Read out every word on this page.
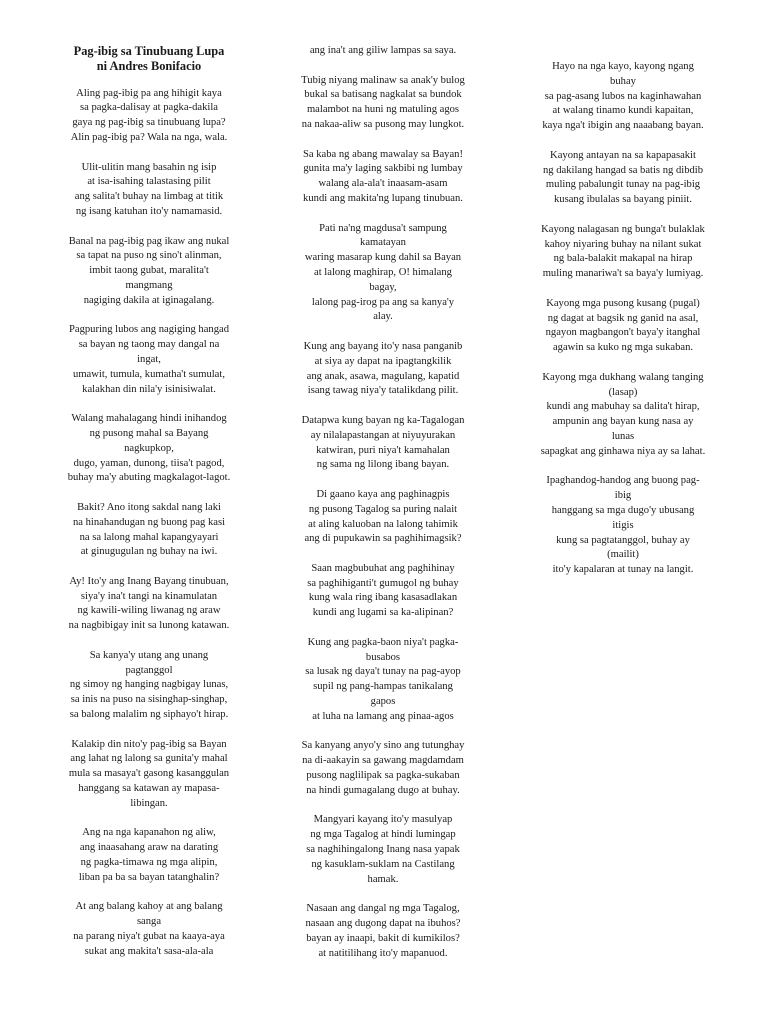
Pag-ibig sa Tinubuang Lupa
ni Andres Bonifacio
Aling pag-ibig pa ang hihigit kaya
sa pagka-dalisay at pagka-dakila
gaya ng pag-ibig sa tinubuang lupa?
Alin pag-ibig pa? Wala na nga, wala.
Ulit-ulitin mang basahin ng isip
at isa-isahing talastasing pilit
ang salita't buhay na limbag at titik
ng isang katuhan ito'y namamasid.
Banal na pag-ibig pag ikaw ang nukal
sa tapat na puso ng sino't alinman,
imbit taong gubat, maralita't
mangmang
nagiging dakila at iginagalang.
Pagpuring lubos ang nagiging hangad
sa bayan ng taong may dangal na
ingat,
umawit, tumula, kumatha't sumulat,
kalakhan din nila'y isinisiwalat.
Walang mahalagang hindi inihandog
ng pusong mahal sa Bayang
nagkupkop,
dugo, yaman, dunong, tiisa't pagod,
buhay ma'y abuting magkalagot-lagot.
Bakit? Ano itong sakdal nang laki
na hinahandugan ng buong pag kasi
na sa lalong mahal kapangyayari
at ginugugulan ng buhay na iwi.
Ay! Ito'y ang Inang Bayang tinubuan,
siya'y ina't tangi na kinamulatan
ng kawili-wiling liwanag ng araw
na nagbibigay init sa lunong katawan.
Sa kanya'y utang ang unang
pagtanggol
ng simoy ng hanging nagbigay lunas,
sa inis na puso na sisinghap-singhap,
sa balong malalim ng siphayo't hirap.
Kalakip din nito'y pag-ibig sa Bayan
ang lahat ng lalong sa gunita'y mahal
mula sa masaya't gasong kasanggulan
hanggang sa katawan ay mapasa-
libingan.
Ang na nga kapanahon ng aliw,
ang inaasahang araw na darating
ng pagka-timawa ng mga alipin,
liban pa ba sa bayan tatanghalin?
At ang balang kahoy at ang balang
sanga
na parang niya't gubat na kaaya-aya
sukat ang makita't sasa-ala-ala
ang ina't ang giliw lampas sa saya.
Tubig niyang malinaw sa anak'y bulog
bukal sa batisang nagkalat sa bundok
malambot na huni ng matuling agos
na nakaa-aliw sa pusong may lungkot.
Sa kaba ng abang mawalay sa Bayan!
gunita ma'y laging sakbibi ng lumbay
walang ala-ala't inaasam-asam
kundi ang makita'ng lupang tinubuan.
Pati na'ng magdusa't sampung
kamatayan
waring masarap kung dahil sa Bayan
at lalong maghirap, O! himalang
bagay,
lalong pag-irog pa ang sa kanya'y
alay.
Kung ang bayang ito'y nasa panganib
at siya ay dapat na ipagtangkilik
ang anak, asawa, magulang, kapatid
isang tawag niya'y tatalikdang pilit.
Datapwa kung bayan ng ka-Tagalogan
ay nilalapastangan at niyuyurakan
katwiran, puri niya't kamahalan
ng sama ng lilong ibang bayan.
Di gaano kaya ang paghinagpis
ng pusong Tagalog sa puring nalait
at aling kaluoban na lalong tahimik
ang di pupukawin sa paghihimagsik?
Saan magbubuhat ang paghihinay
sa paghihiganti't gumugol ng buhay
kung wala ring ibang kasasadlakan
kundi ang lugami sa ka-alipinan?
Kung ang pagka-baon niya't pagka-
busabos
sa lusak ng daya't tunay na pag-ayop
supil ng pang-hampas tanikalang
gapos
at luha na lamang ang pinaa-agos
Sa kanyang anyo'y sino ang tutunghay
na di-aakayin sa gawang magdamdam
pusong naglilipak sa pagka-sukaban
na hindi gumagalang dugo at buhay.
Mangyari kayang ito'y masulyap
ng mga Tagalog at hindi lumingap
sa naghihingalong Inang nasa yapak
ng kasuklam-suklam na Castilang
hamak.
Nasaan ang dangal ng mga Tagalog,
nasaan ang dugong dapat na ibuhos?
bayan ay inaapi, bakit di kumikilos?
at natitilihang ito'y mapanuod.
Hayo na nga kayo, kayong ngang
buhay
sa pag-asang lubos na kaginhawahan
at walang tinamo kundi kapaitan,
kaya nga't ibigin ang naaabang bayan.
Kayong antayan na sa kapapasakit
ng dakilang hangad sa batis ng dibdib
muling pabalungit tunay na pag-ibig
kusang ibulalas sa bayang piniit.
Kayong nalagasan ng bunga't bulaklak
kahoy niyaring buhay na nilant sukat
ng bala-balakit makapal na hirap
muling manariwa't sa baya'y lumiyag.
Kayong mga pusong kusang (pugal)
ng dagat at bagsik ng ganid na asal,
ngayon magbangon't baya'y itanghal
agawin sa kuko ng mga sukaban.
Kayong mga dukhang walang tanging
(lasap)
kundi ang mabuhay sa dalita't hirap,
ampunin ang bayan kung nasa ay
lunas
sapagkat ang ginhawa niya ay sa lahat.
Ipaghandog-handog ang buong pag-
ibig
hanggang sa mga dugo'y ubusang
itigis
kung sa pagtatanggol, buhay ay
(mailit)
ito'y kapalaran at tunay na langit.
